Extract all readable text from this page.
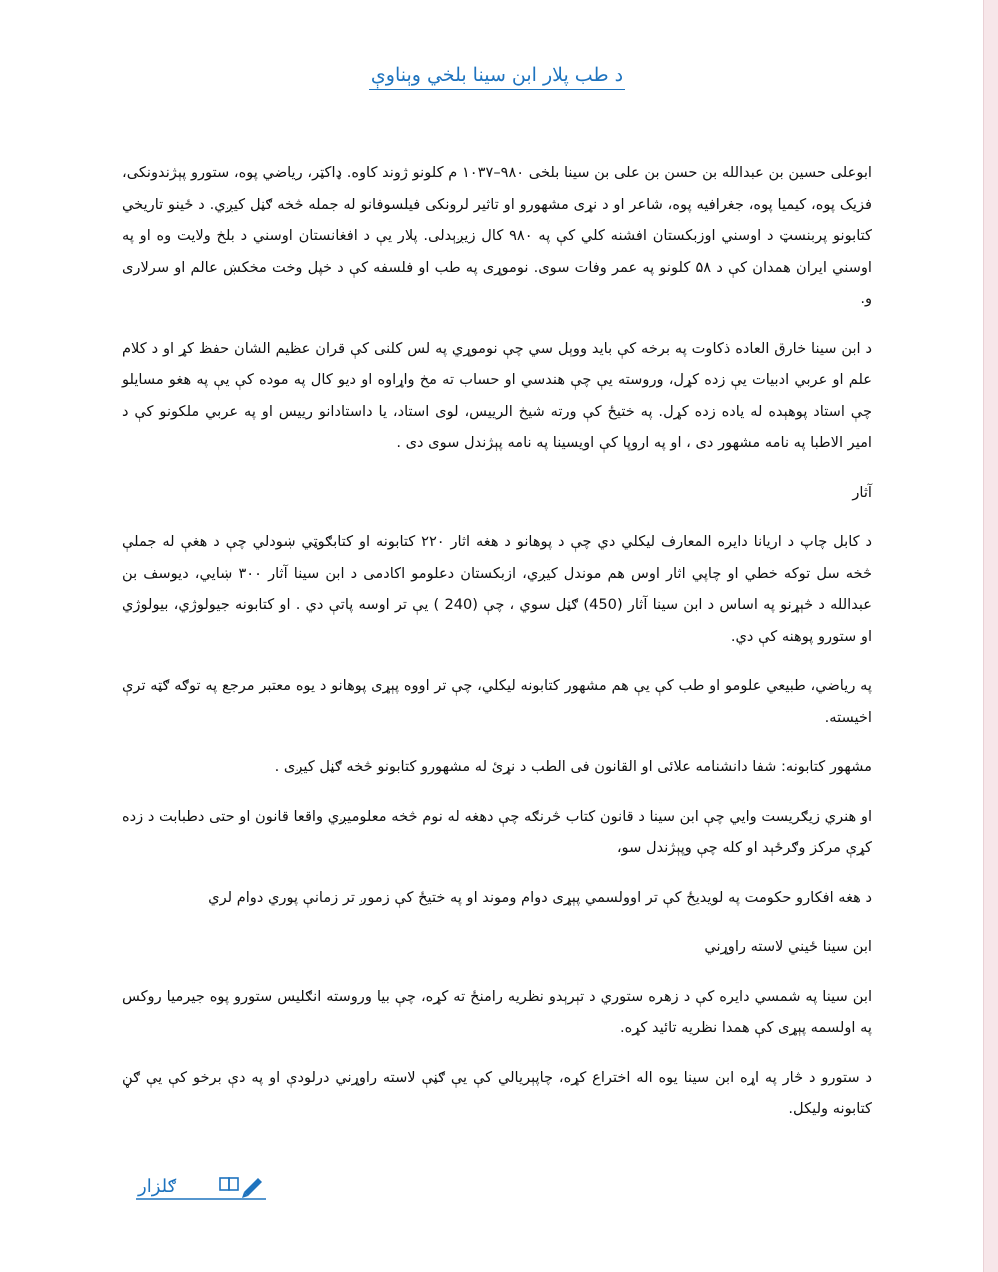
د طب پلار ابن سینا بلخي وېناوې

ابوعلی حسین بن عبدالله بن حسن بن علی بن سینا بلخی ۹۸۰–۱۰۳۷ م کلونو ژوند کاوه. ډاکټر، رياضي پوه، ستورو پېژندونکی، فزيک پوه، کيميا پوه، جغرافيه پوه، شاعر او د نړی مشهورو او تاثير لرونکی فيلسوفانو له جمله څخه ګڼل کيږي. د ځينو تاريخي کتابونو پربنسټ د اوسني اوزبکستان افشنه کلي کې په ۹۸۰ کال زيږېدلی. پلار يې د افغانستان اوسني د بلخ ولايت وه او په اوسني ايران همدان کې د ۵۸ کلونو په عمر وفات سوی. نوموړی په طب او فلسفه کې د خپل وخت مخکښ عالم او سرلاری و.

د ابن سینا خارق العاده ذکاوت په برخه کې باید ووېل سي چې نوموړي په لس کلنی کې قران عظيم الشان حفظ کړ او د کلام علم او عربي ادبيات يې زده کړل، وروسته يې چې هندسي او حساب ته مخ واړاوه او ديو کال په موده کې يې په هغو مسايلو چې استاد پوهېده له ياده زده کړل. په ختيځ کې ورته شيخ الرييس، لوی استاد، يا داستادانو رييس او په عربي ملکونو کې د امير الاطبا په نامه مشهور دی ، او په اروپا کې اويسينا په نامه پېژندل سوی دی .

آثار

د کابل چاپ د اريانا دايره المعارف ليکلي دي چې د پوهانو د هغه اثار ۲۲۰ کتابونه او کتابګوټي ښودلي چې د هغې له جملې څخه سل توکه خطي او چاپي اثار اوس هم موندل کيږي، ازبکستان دعلومو اکادمی د ابن سینا آثار ۳۰۰ ښايي، ديوسف بن عبدالله د څېړنو په اساس د ابن سینا آثار (450) ګڼل سوي ، چې (240 ) يې تر اوسه پاتې دي . او کتابونه جيولوژي، بيولوژي او ستورو پوهنه کې دي.

په رياضي، طبيعي علومو او طب کې يې هم مشهور کتابونه ليکلي، چې تر اووه پېړی پوهانو د يوه معتبر مرجع په توګه ګټه ترې اخيسته.

مشهور کتابونه: شفا دانشنامه علائی او القانون فی الطب د نړئ له مشهورو کتابونو څخه ګڼل کيږی .

او هنري زيګريست وايي چې ابن سینا د قانون کتاب څرنګه چې دهغه له نوم څخه معلوميږي واقعا قانون او حتی دطبابت د زده کړې مرکز وګرځېد او کله چې وپېژندل سو،

د هغه افکارو حکومت په لويديځ کې تر اوولسمي پېړی دوام وموند او په ختيځ کې زموږ تر زمانې پوري دوام لري

ابن سینا ځيني لاسته راوړني

ابن سینا په شمسي دايره کې د زهره ستوري د تېرېدو نظريه رامنځ ته کړه، چې بيا وروسته انګليس ستورو پوه جيرميا روکس په اولسمه پېړی کې همدا نظريه تائيد کړه.

د ستورو د څار په اړه ابن سینا يوه اله اختراع کړه، چاپېريالي کې يې ګڼې لاسته راوړني درلودې او په دې برخو کې يې ګڼ کتابونه وليکل.

ګلزار
